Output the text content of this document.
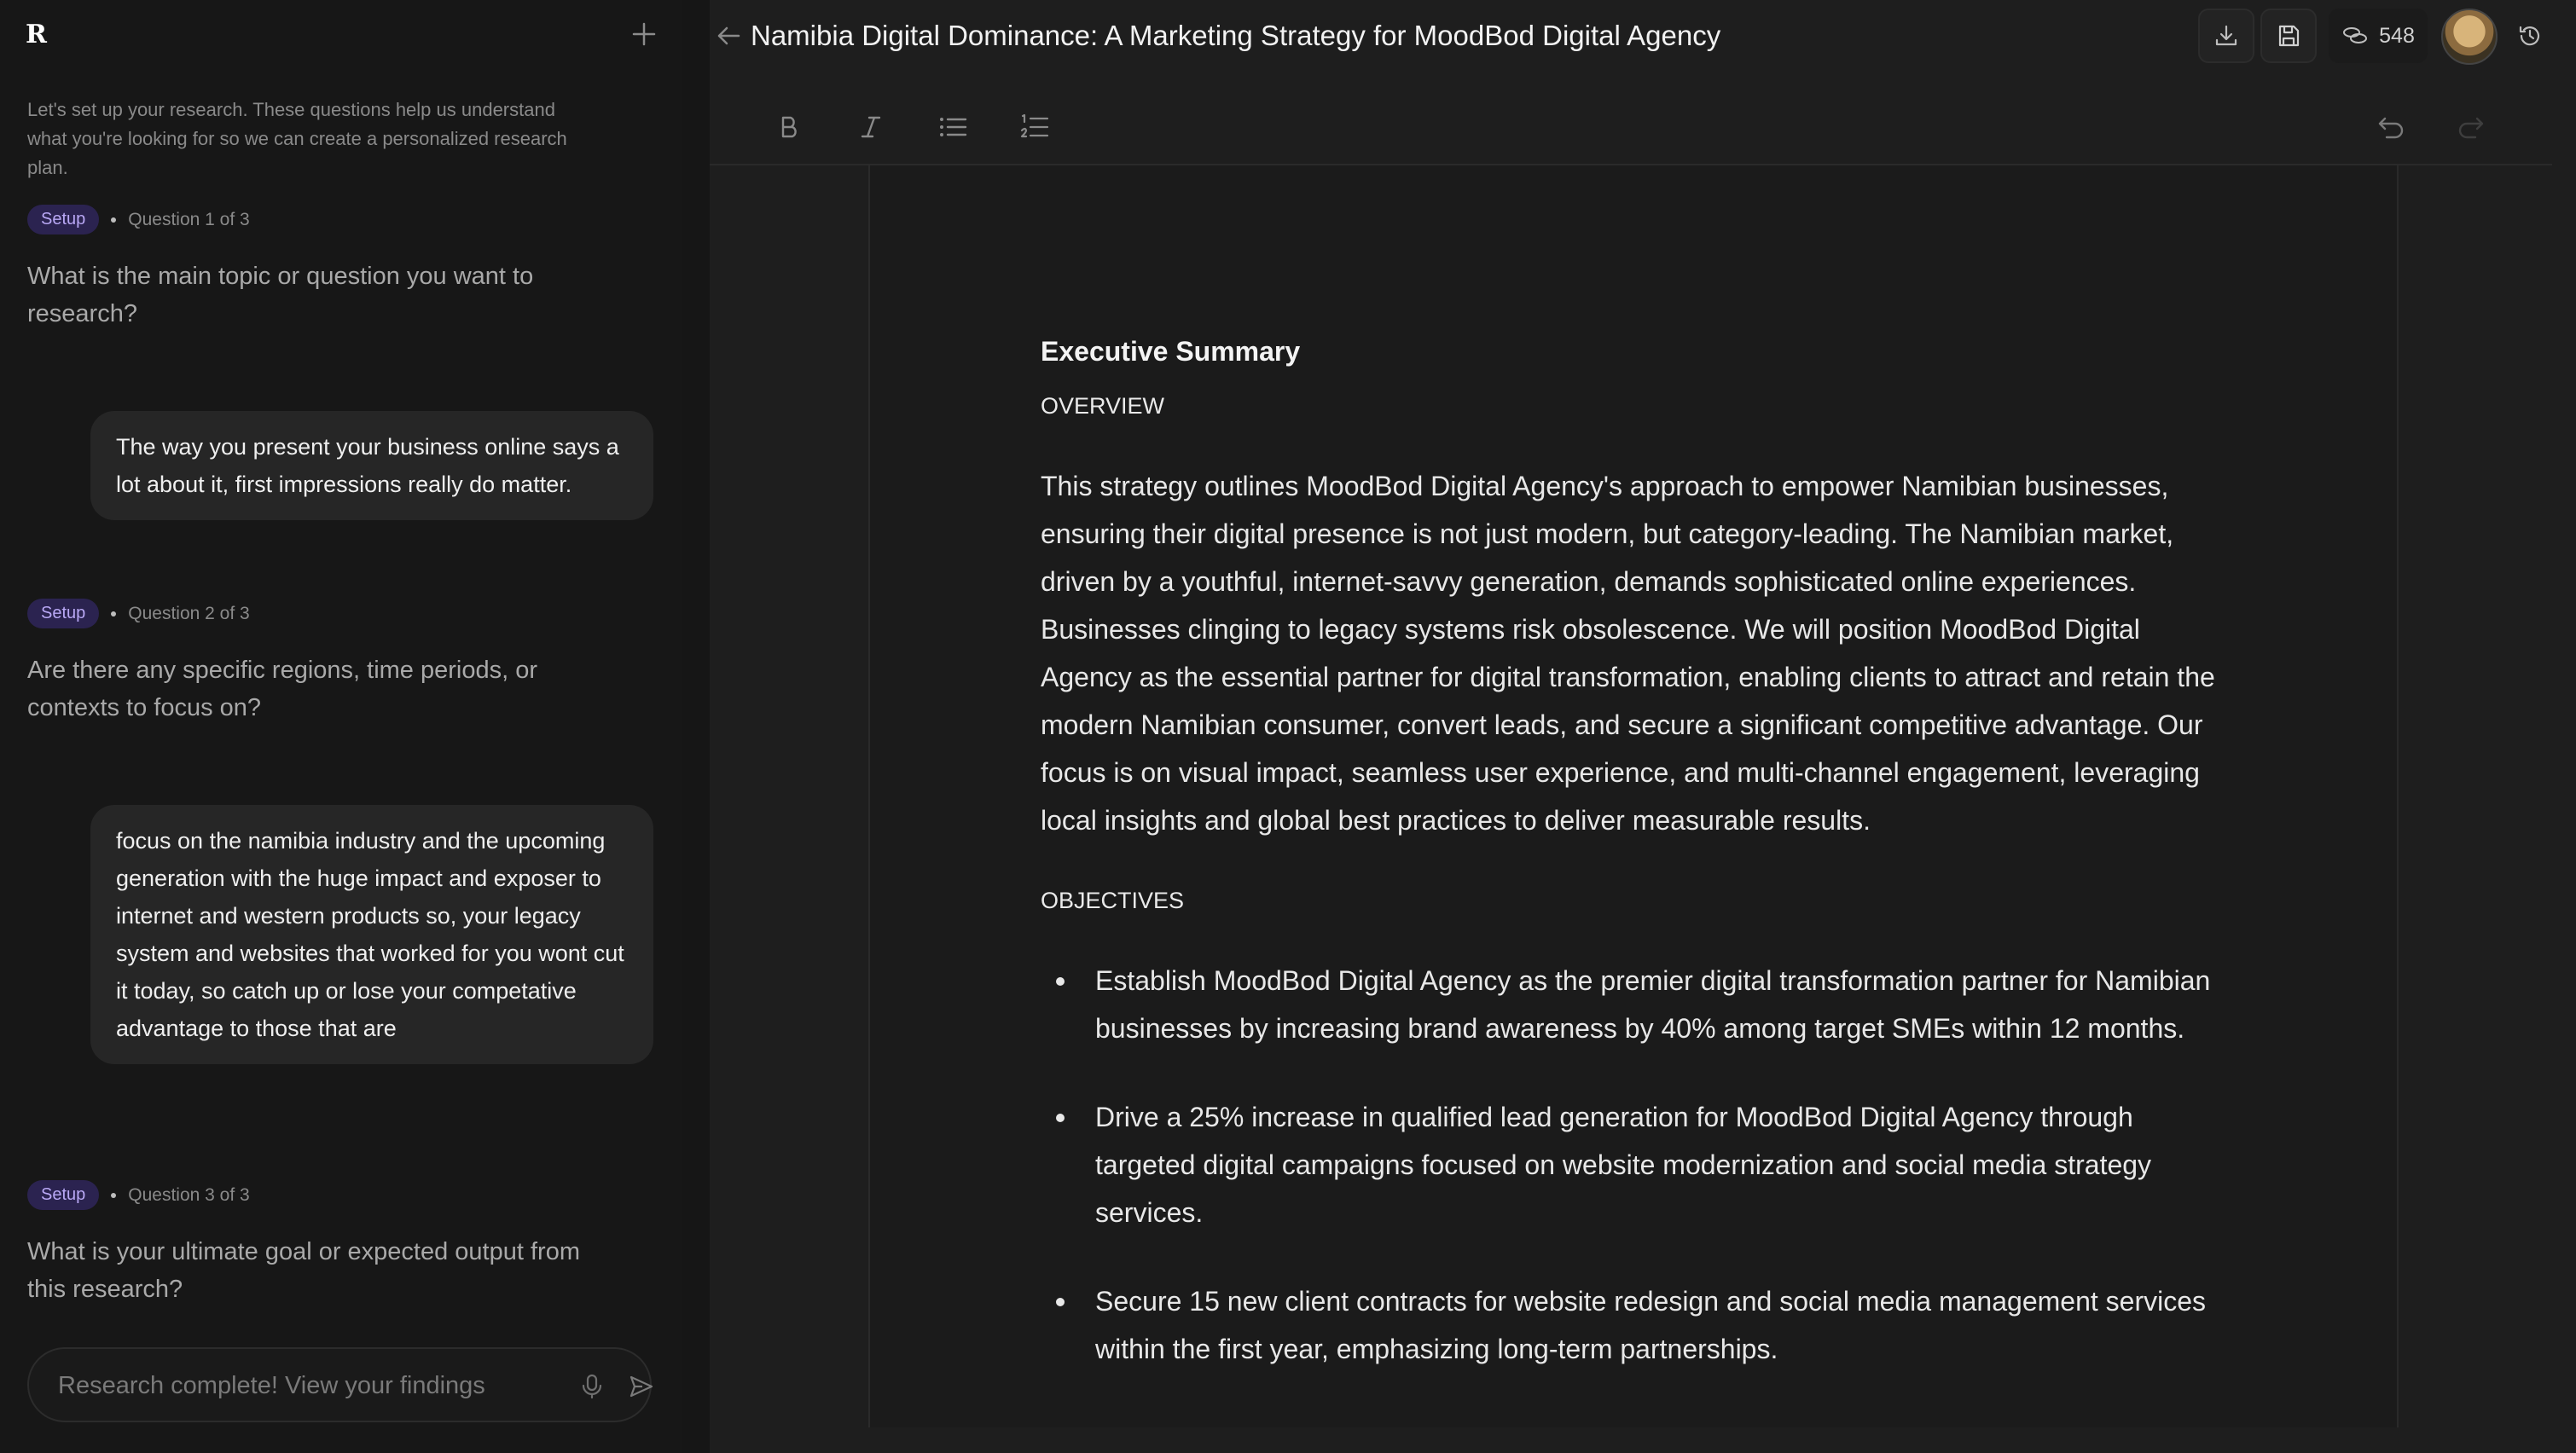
R
Let's set up your research. These questions help us understand what you're looking for so we can create a personalized research plan.
Setup	Question 1 of 3
What is the main topic or question you want to research?
The way you present your business online says a lot about it, first impressions really do matter.
Setup	Question 2 of 3
Are there any specific regions, time periods, or contexts to focus on?
focus on the namibia industry and the upcoming generation with the huge impact and exposer to internet and western products so, your legacy system and websites that worked for you wont cut it today, so catch up or lose your competative advantage to those that are
Setup	Question 3 of 3
What is your ultimate goal or expected output from this research?
Research complete! View your findings
Namibia Digital Dominance: A Marketing Strategy for MoodBod Digital Agency	548
Executive Summary
OVERVIEW

This strategy outlines MoodBod Digital Agency's approach to empower Namibian businesses, ensuring their digital presence is not just modern, but category-leading. The Namibian market, driven by a youthful, internet-savvy generation, demands sophisticated online experiences. Businesses clinging to legacy systems risk obsolescence. We will position MoodBod Digital Agency as the essential partner for digital transformation, enabling clients to attract and retain the modern Namibian consumer, convert leads, and secure a significant competitive advantage. Our focus is on visual impact, seamless user experience, and multi-channel engagement, leveraging local insights and global best practices to deliver measurable results.

OBJECTIVES
Establish MoodBod Digital Agency as the premier digital transformation partner for Namibian businesses by increasing brand awareness by 40% among target SMEs within 12 months.
Drive a 25% increase in qualified lead generation for MoodBod Digital Agency through targeted digital campaigns focused on website modernization and social media strategy services.
Secure 15 new client contracts for website redesign and social media management services within the first year, emphasizing long-term partnerships.
